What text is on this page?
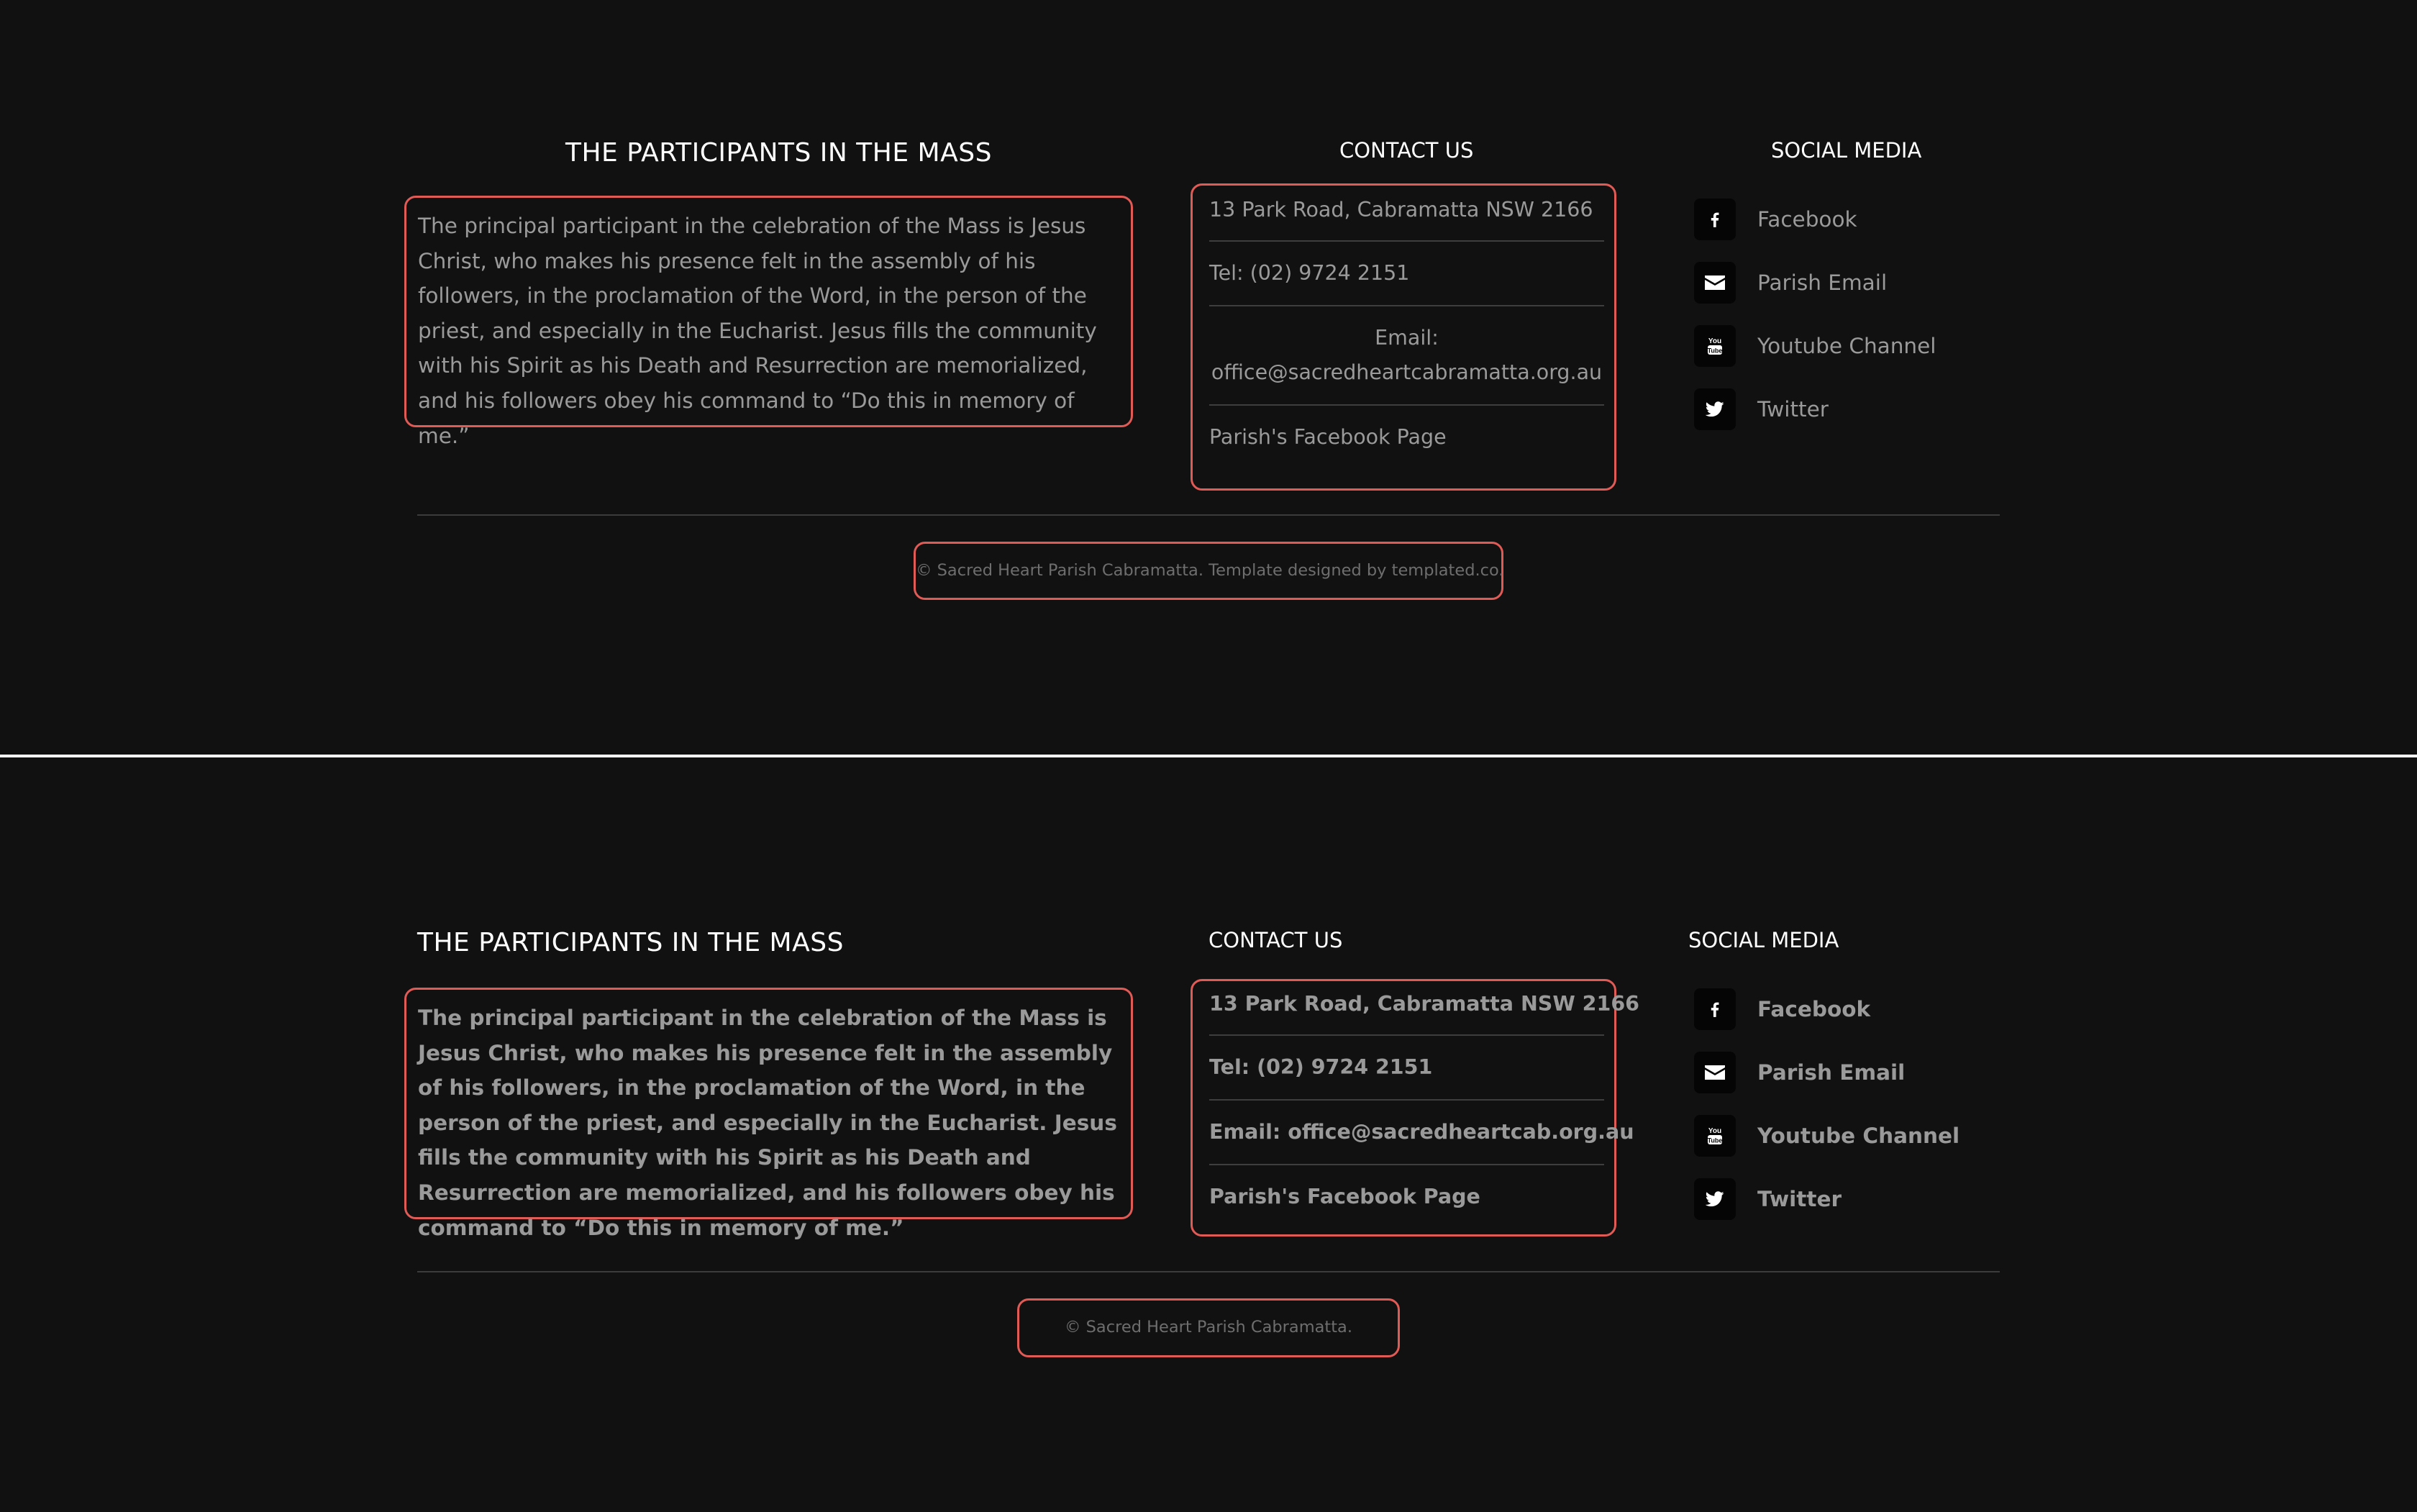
THE PARTICIPANTS IN THE MASS

The principal participant in the celebration of the Mass is Jesus Christ, who makes his presence felt in the assembly of his followers, in the proclamation of the Word, in the person of the priest, and especially in the Eucharist. Jesus fills the community with his Spirit as his Death and Resurrection are memorialized, and his followers obey his command to “Do this in memory of me.”

CONTACT US
13 Park Road, Cabramatta NSW 2166
Tel: (02) 9724 2151
Email:
office@sacredheartcabramatta.org.au
Parish's Facebook Page
SOCIAL MEDIA
Facebook
Parish Email
You
Tube Youtube Channel
Twitter

© Sacred Heart Parish Cabramatta. Template designed by templated.co.

THE PARTICIPANTS IN THE MASS

The principal participant in the celebration of the Mass is Jesus Christ, who makes his presence felt in the assembly of his followers, in the proclamation of the Word, in the person of the priest, and especially in the Eucharist. Jesus fills the community with his Spirit as his Death and Resurrection are memorialized, and his followers obey his command to “Do this in memory of me.”

CONTACT US
13 Park Road, Cabramatta NSW 2166
Tel: (02) 9724 2151
Email: office@sacredheartcab.org.au
Parish's Facebook Page
SOCIAL MEDIA
Facebook
Parish Email
You
Tube Youtube Channel
Twitter

© Sacred Heart Parish Cabramatta.
